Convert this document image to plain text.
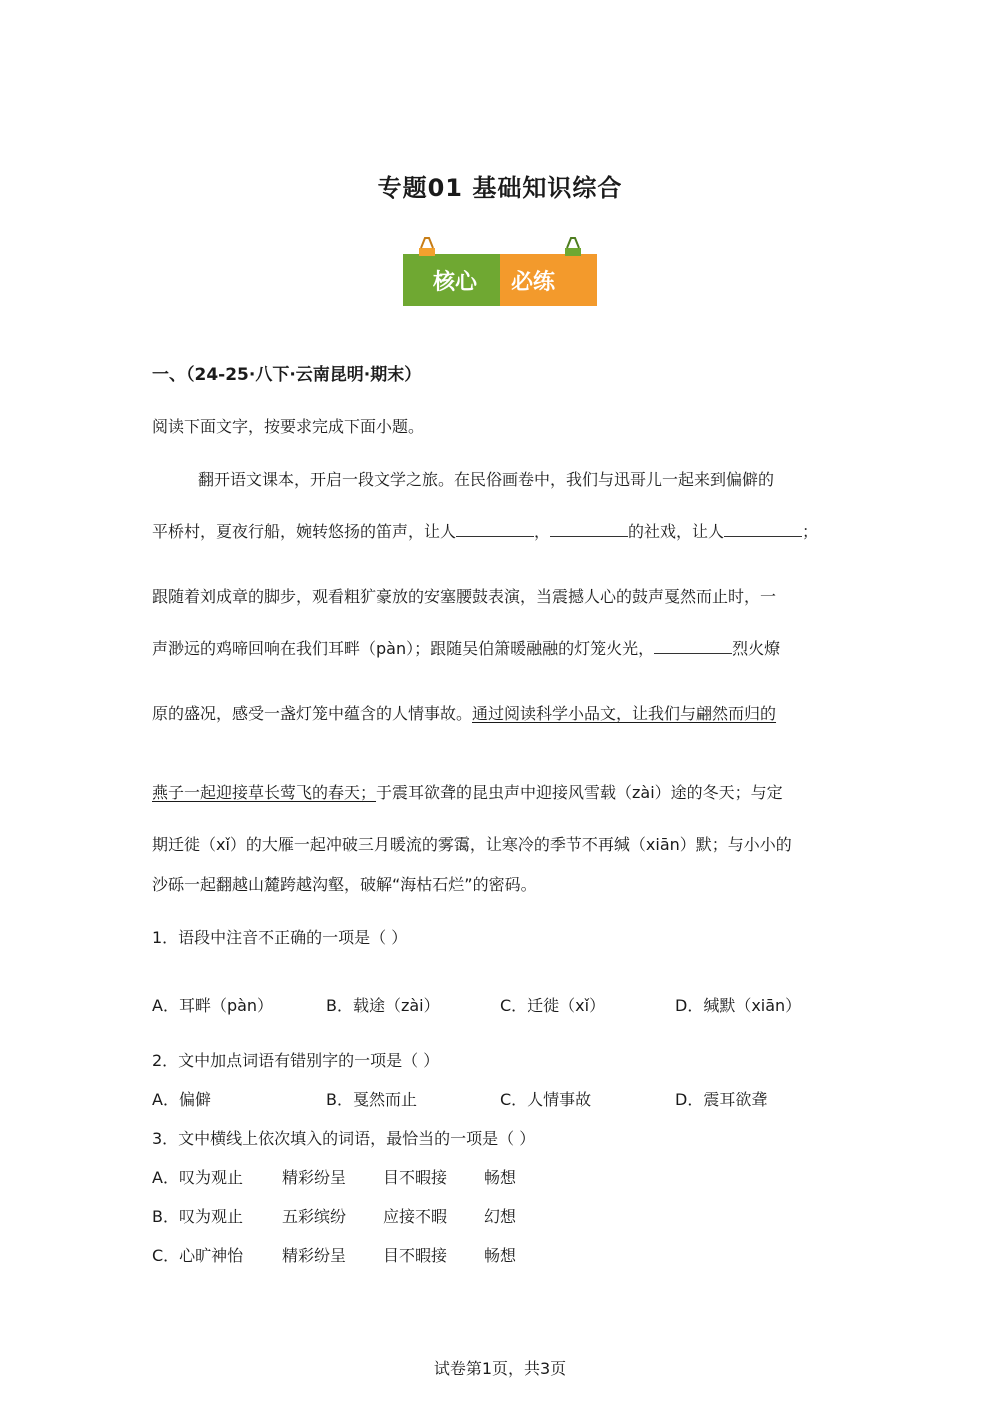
专题01 基础知识综合
核心 必练
一、（24-25·八下·云南昆明·期末）
阅读下面文字，按要求完成下面小题。
翻开语文课本，开启一段文学之旅。在民俗画卷中，我们与迅哥儿一起来到偏僻的
平桥村，夏夜行船，婉转悠扬的笛声，让人	，	的社戏，让人	；
跟随着刘成章的脚步，观看粗犷豪放的安塞腰鼓表演，当震撼人心的鼓声戛然而止时，一
声渺远的鸡啼回响在我们耳畔（pàn）；跟随吴伯箫暖融融的灯笼火光，	烈火燎
原的盛况，感受一盏灯笼中蕴含的人情事故。通过阅读科学小品文，让我们与翩然而归的
燕子一起迎接草长莺飞的春天；于震耳欲聋的昆虫声中迎接风雪载（zài）途的冬天；与定
期迁徙（xǐ）的大雁一起冲破三月暖流的雾霭，让寒冷的季节不再缄（xiān）默；与小小的
沙砾一起翻越山麓跨越沟壑，破解“海枯石烂”的密码。
1．语段中注音不正确的一项是（ ）
A．耳畔（pàn）	B．载途（zài）	C．迁徙（xǐ）	D．缄默（xiān）
2．文中加点词语有错别字的一项是（ ）
A．偏僻	B．戛然而止	C．人情事故	D．震耳欲聋
3．文中横线上依次填入的词语，最恰当的一项是（ ）
A．叹为观止 精彩纷呈 目不暇接 畅想
B．叹为观止 五彩缤纷 应接不暇 幻想
C．心旷神怡 精彩纷呈 目不暇接 畅想
试卷第1页，共3页
